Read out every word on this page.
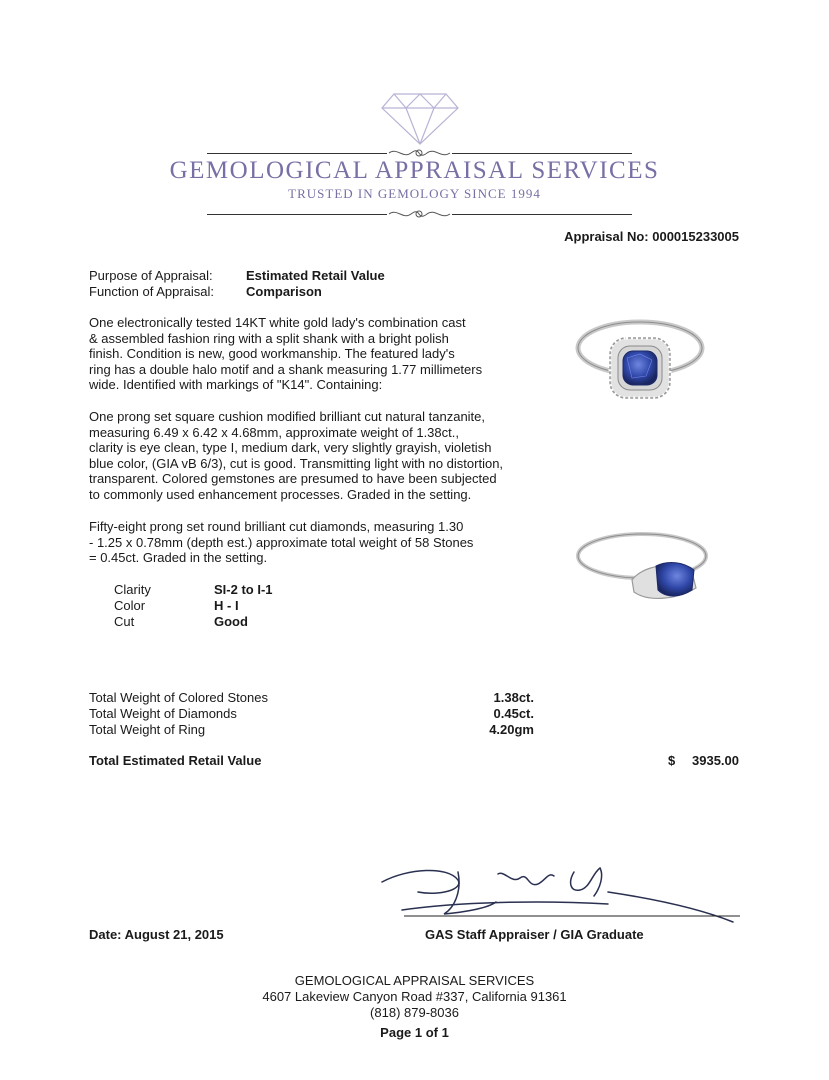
GEMOLOGICAL APPRAISAL SERVICES
TRUSTED IN GEMOLOGY SINCE 1994
Appraisal No: 000015233005
Purpose of Appraisal:	Estimated Retail Value
Function of Appraisal: Comparison
One electronically tested 14KT white gold lady's combination cast
& assembled fashion ring with a split shank with a bright polish
finish. Condition is new, good workmanship. The featured lady's
ring has a double halo motif and a shank measuring 1.77 millimeters
wide. Identified with markings of "K14". Containing:
One prong set square cushion modified brilliant cut natural tanzanite,
measuring 6.49 x 6.42 x 4.68mm, approximate weight of 1.38ct.,
clarity is eye clean, type I, medium dark, very slightly grayish, violetish
blue color, (GIA vB 6/3), cut is good. Transmitting light with no distortion,
transparent. Colored gemstones are presumed to have been subjected
to commonly used enhancement processes. Graded in the setting.
Fifty-eight prong set round brilliant cut diamonds, measuring 1.30
- 1.25 x 0.78mm (depth est.) approximate total weight of 58 Stones
= 0.45ct. Graded in the setting.
Clarity	SI-2 to I-1
Color	H - I
Cut	Good
Total Weight of Colored Stones	1.38ct.
Total Weight of Diamonds	0.45ct.
Total Weight of Ring	4.20gm
Total Estimated Retail Value	$ 3935.00
Date: August 21, 2015	GAS Staff Appraiser / GIA Graduate
GEMOLOGICAL APPRAISAL SERVICES
4607 Lakeview Canyon Road #337, California 91361
(818) 879-8036
Page 1 of 1
